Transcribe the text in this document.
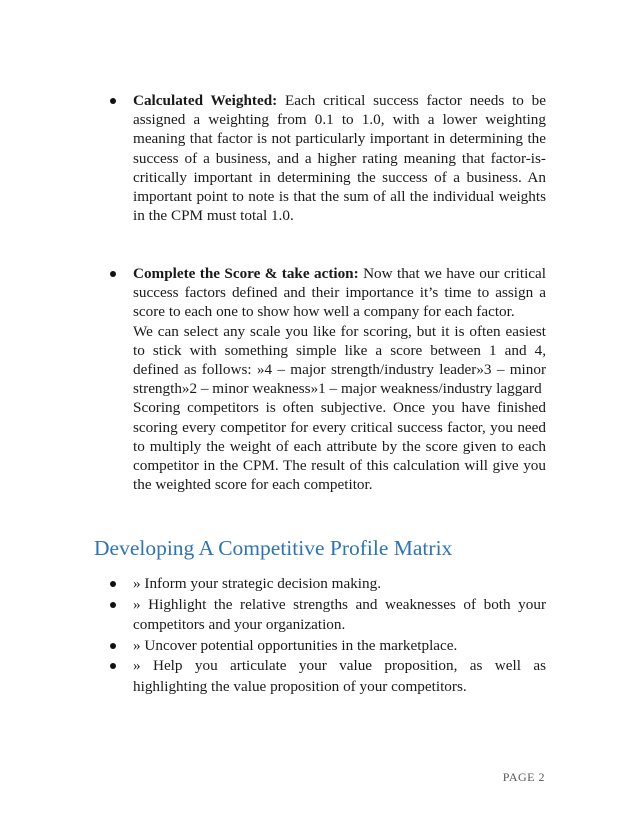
Calculated Weighted: Each critical success factor needs to be assigned a weighting from 0.1 to 1.0, with a lower weighting meaning that factor is not particularly important in determining the success of a business, and a higher rating meaning that factor-is-critically important in determining the success of a business. An important point to note is that the sum of all the individual weights in the CPM must total 1.0.
Complete the Score & take action: Now that we have our critical success factors defined and their importance it’s time to assign a score to each one to show how well a company for each factor.
We can select any scale you like for scoring, but it is often easiest to stick with something simple like a score between 1 and 4, defined as follows: »4 – major strength/industry leader»3 – minor strength»2 – minor weakness»1 – major weakness/industry laggard
Scoring competitors is often subjective. Once you have finished scoring every competitor for every critical success factor, you need to multiply the weight of each attribute by the score given to each competitor in the CPM. The result of this calculation will give you the weighted score for each competitor.
Developing A Competitive Profile Matrix
» Inform your strategic decision making.
» Highlight the relative strengths and weaknesses of both your competitors and your organization.
» Uncover potential opportunities in the marketplace.
» Help you articulate your value proposition, as well as highlighting the value proposition of your competitors.
PAGE 2
